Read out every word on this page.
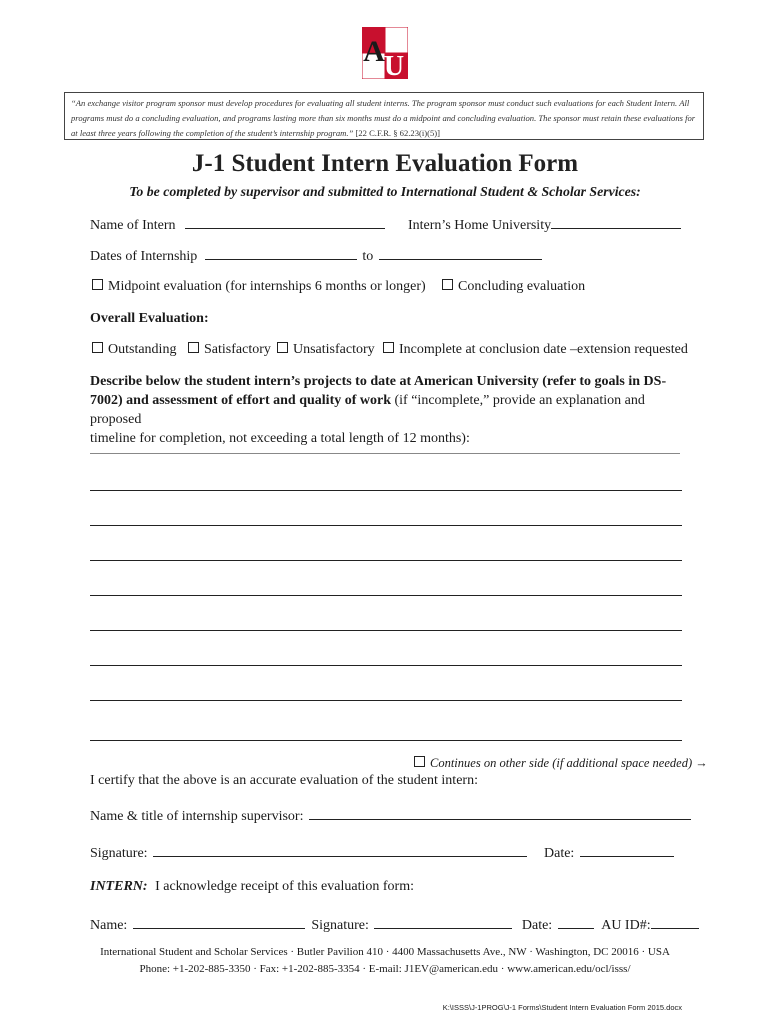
A U
“An exchange visitor program sponsor must develop procedures for evaluating all student interns. The program sponsor must conduct such evaluations for each Student Intern. All programs must do a concluding evaluation, and programs lasting more than six months must do a midpoint and concluding evaluation. The sponsor must retain these evaluations for at least three years following the completion of the student’s internship program.” [22 C.F.R. § 62.23(i)(5)]
J-1 Student Intern Evaluation Form
To be completed by supervisor and submitted to International Student & Scholar Services:
Name of Intern	Intern’s Home University
Dates of Internship	to
Midpoint evaluation (for internships 6 months or longer)	Concluding evaluation
Overall Evaluation:
Outstanding	Satisfactory	Unsatisfactory	Incomplete at conclusion date –extension requested
Describe below the student intern’s projects to date at American University (refer to goals in DS-
7002) and assessment of effort and quality of work (if “incomplete,” provide an explanation and proposed
timeline for completion, not exceeding a total length of 12 months):
Continues on other side (if additional space needed) →
I certify that the above is an accurate evaluation of the student intern:
Name & title of internship supervisor:
Signature:	Date:
INTERN: I acknowledge receipt of this evaluation form:
Name:	Signature:	Date:	AU ID#:
International Student and Scholar Services · Butler Pavilion 410 · 4400 Massachusetts Ave., NW · Washington, DC 20016 · USA
Phone: +1-202-885-3350 · Fax: +1-202-885-3354 · E-mail: J1EV@american.edu · www.american.edu/ocl/isss/
K:\ISSS\J-1PROG\J-1 Forms\Student Intern Evaluation Form 2015.docx
